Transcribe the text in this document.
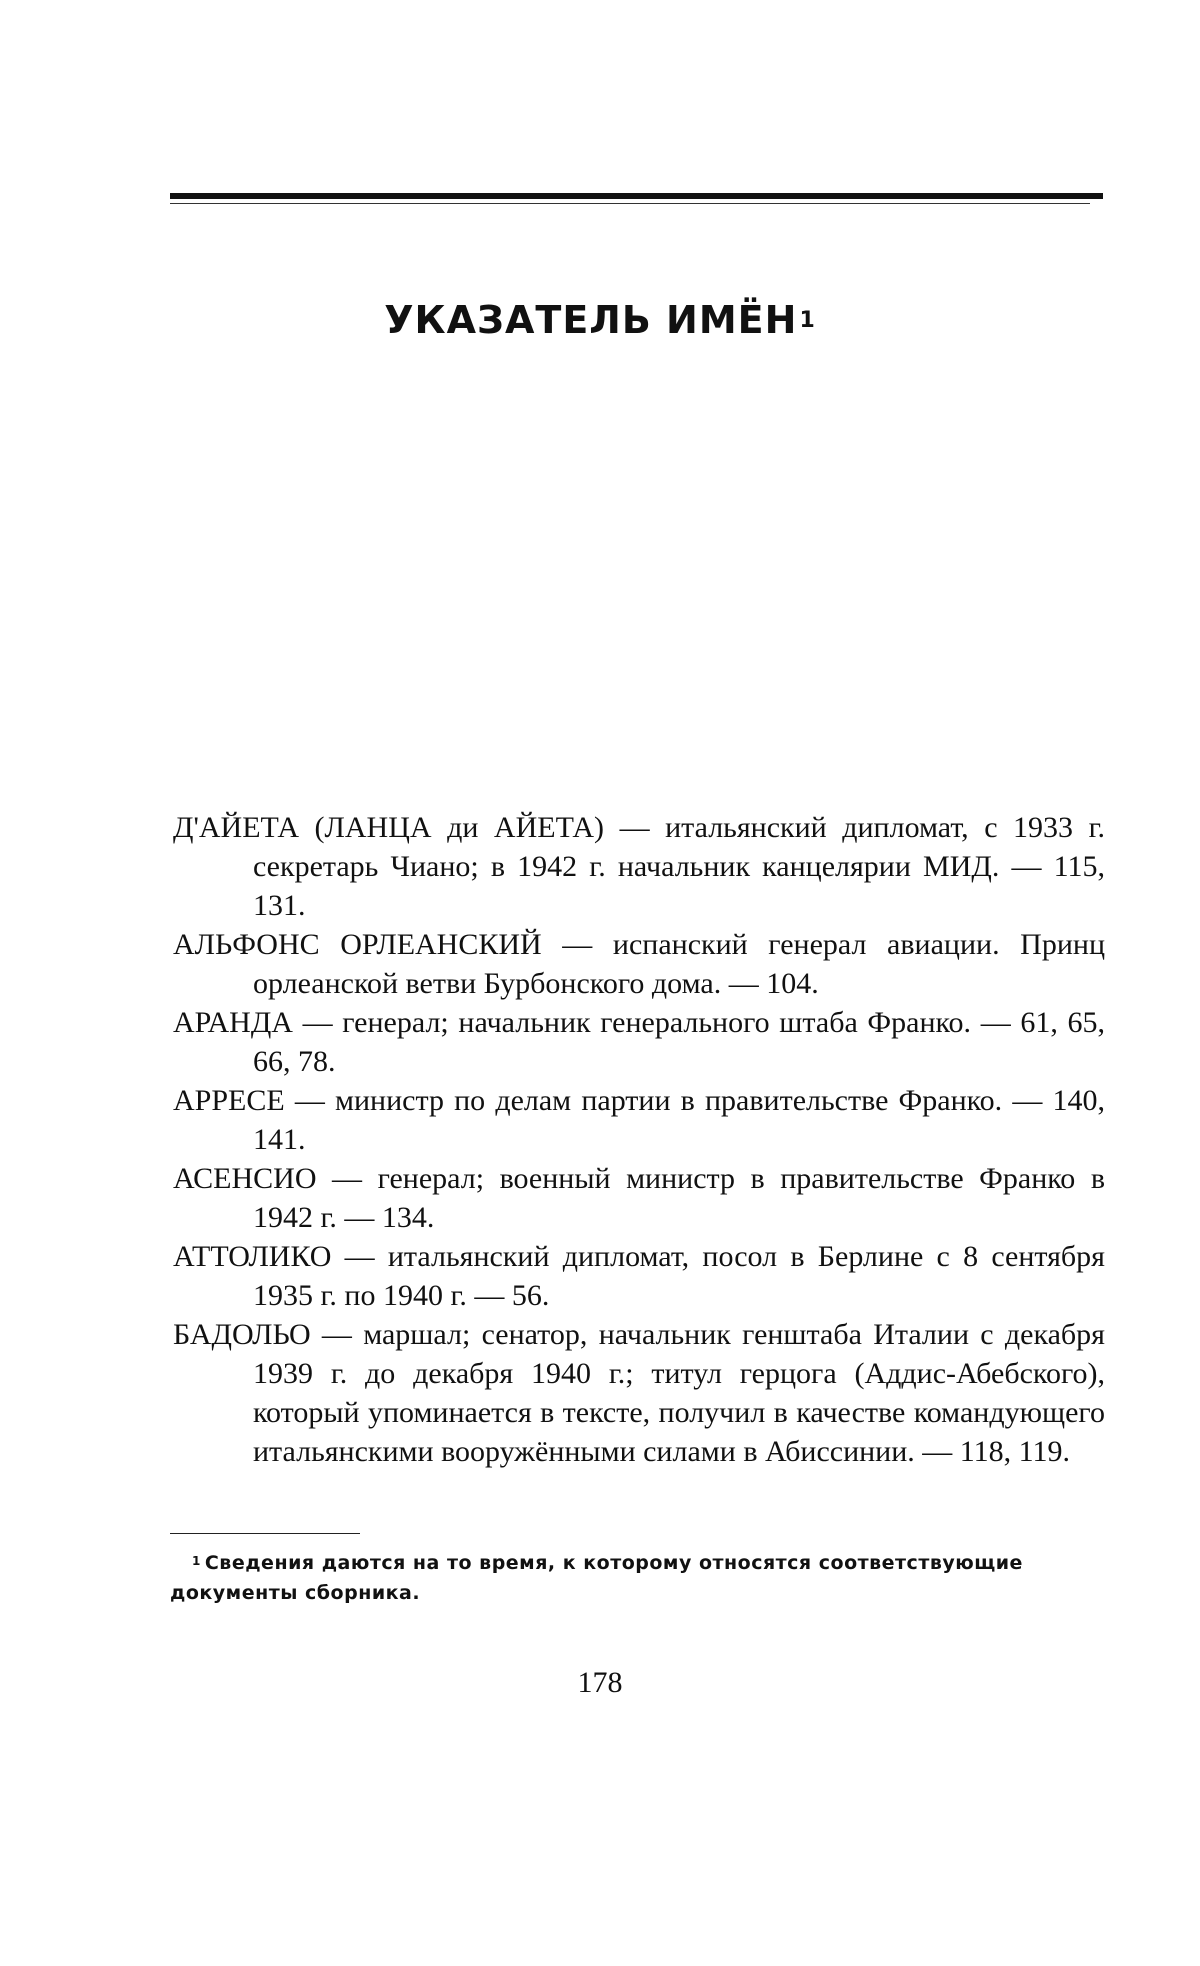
УКАЗАТЕЛЬ ИМЁН$^1$

Д'АЙЕТА (ЛАНЦА ди АЙЕТА) — итальянский дипломат, с 1933 г. секретарь Чиано; в 1942 г. начальник канцелярии МИД. — 115, 131.

АЛЬФОНС ОРЛЕАНСКИЙ — испанский генерал авиации. Принц орлеанской ветви Бурбонского дома. — 104.

АРАНДА — генерал; начальник генерального штаба Франко. — 61, 65, 66, 78.

АРРЕСЕ — министр по делам партии в правительстве Франко. — 140, 141.

АСЕНСИО — генерал; военный министр в правительстве Франко в 1942 г. — 134.

АТТОЛИКО — итальянский дипломат, посол в Берлине с 8 сентября 1935 г. по 1940 г. — 56.

БАДОЛЬО — маршал; сенатор, начальник генштаба Италии с декабря 1939 г. до декабря 1940 г.; титул герцога (Аддис-Абебского), который упоминается в тексте, получил в качестве командующего итальянскими вооружёнными силами в Абиссинии. — 118, 119.

$^1$ Сведения даются на то время, к которому относятся соответствующие документы сборника.
178
